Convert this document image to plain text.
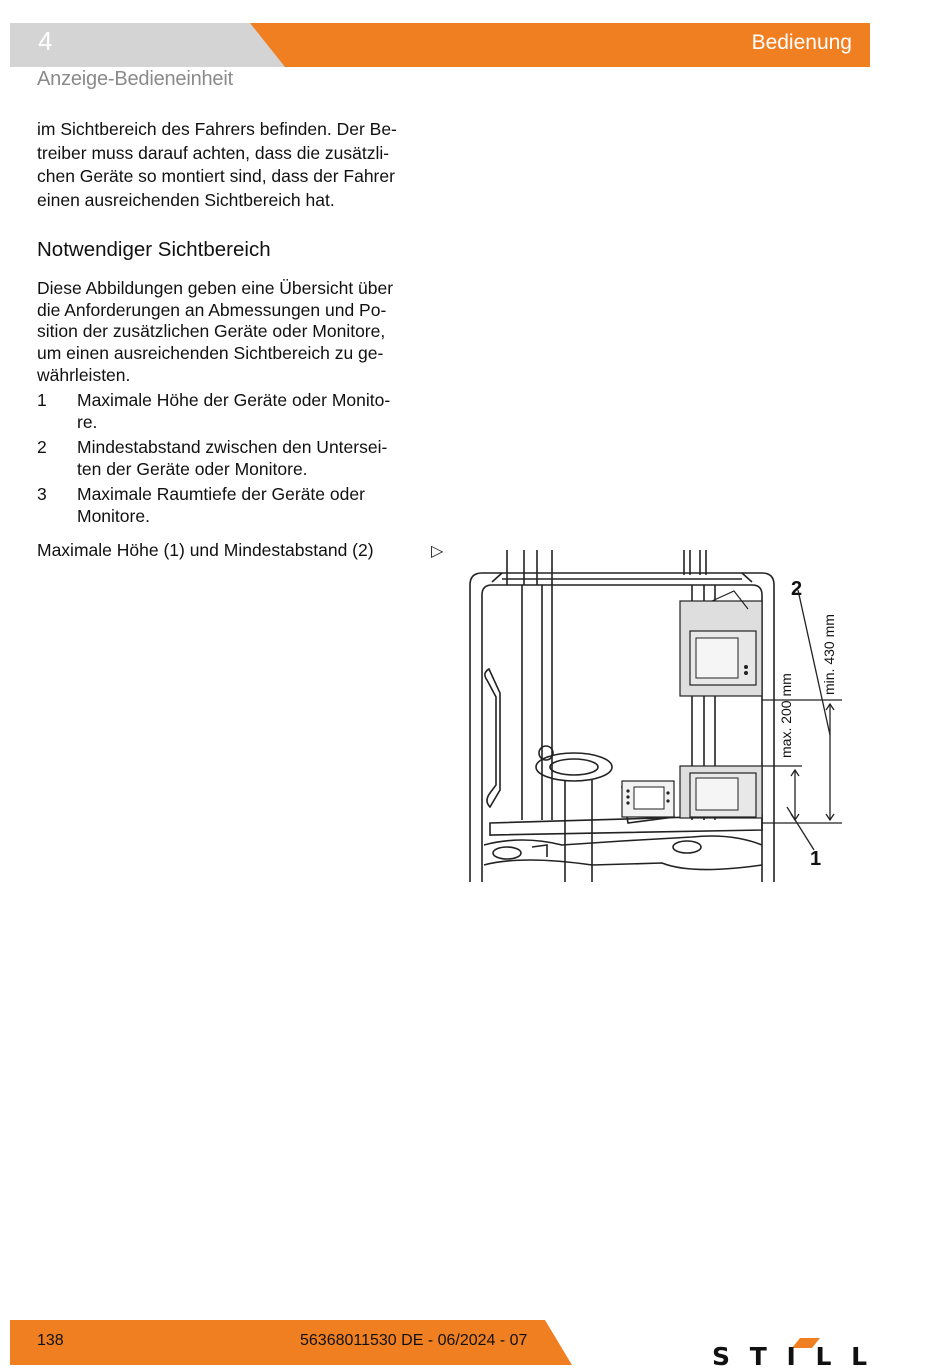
4	Bedienung
Anzeige-Bedieneinheit
im Sichtbereich des Fahrers befinden. Der Be-
treiber muss darauf achten, dass die zusätzli-
chen Geräte so montiert sind, dass der Fahrer
einen ausreichenden Sichtbereich hat.
Notwendiger Sichtbereich
Diese Abbildungen geben eine Übersicht über
die Anforderungen an Abmessungen und Po-
sition der zusätzlichen Geräte oder Monitore,
um einen ausreichenden Sichtbereich zu ge-
währleisten.
1	Maximale Höhe der Geräte oder Monito-
re.
2	Mindestabstand zwischen den Untersei-
ten der Geräte oder Monitore.
3	Maximale Raumtiefe der Geräte oder
Monitore.
Maximale Höhe (1) und Mindestabstand (2)	▷
2
1
max. 200 mm
min. 430 mm
138	56368011530 DE - 06/2024 - 07
STILL
